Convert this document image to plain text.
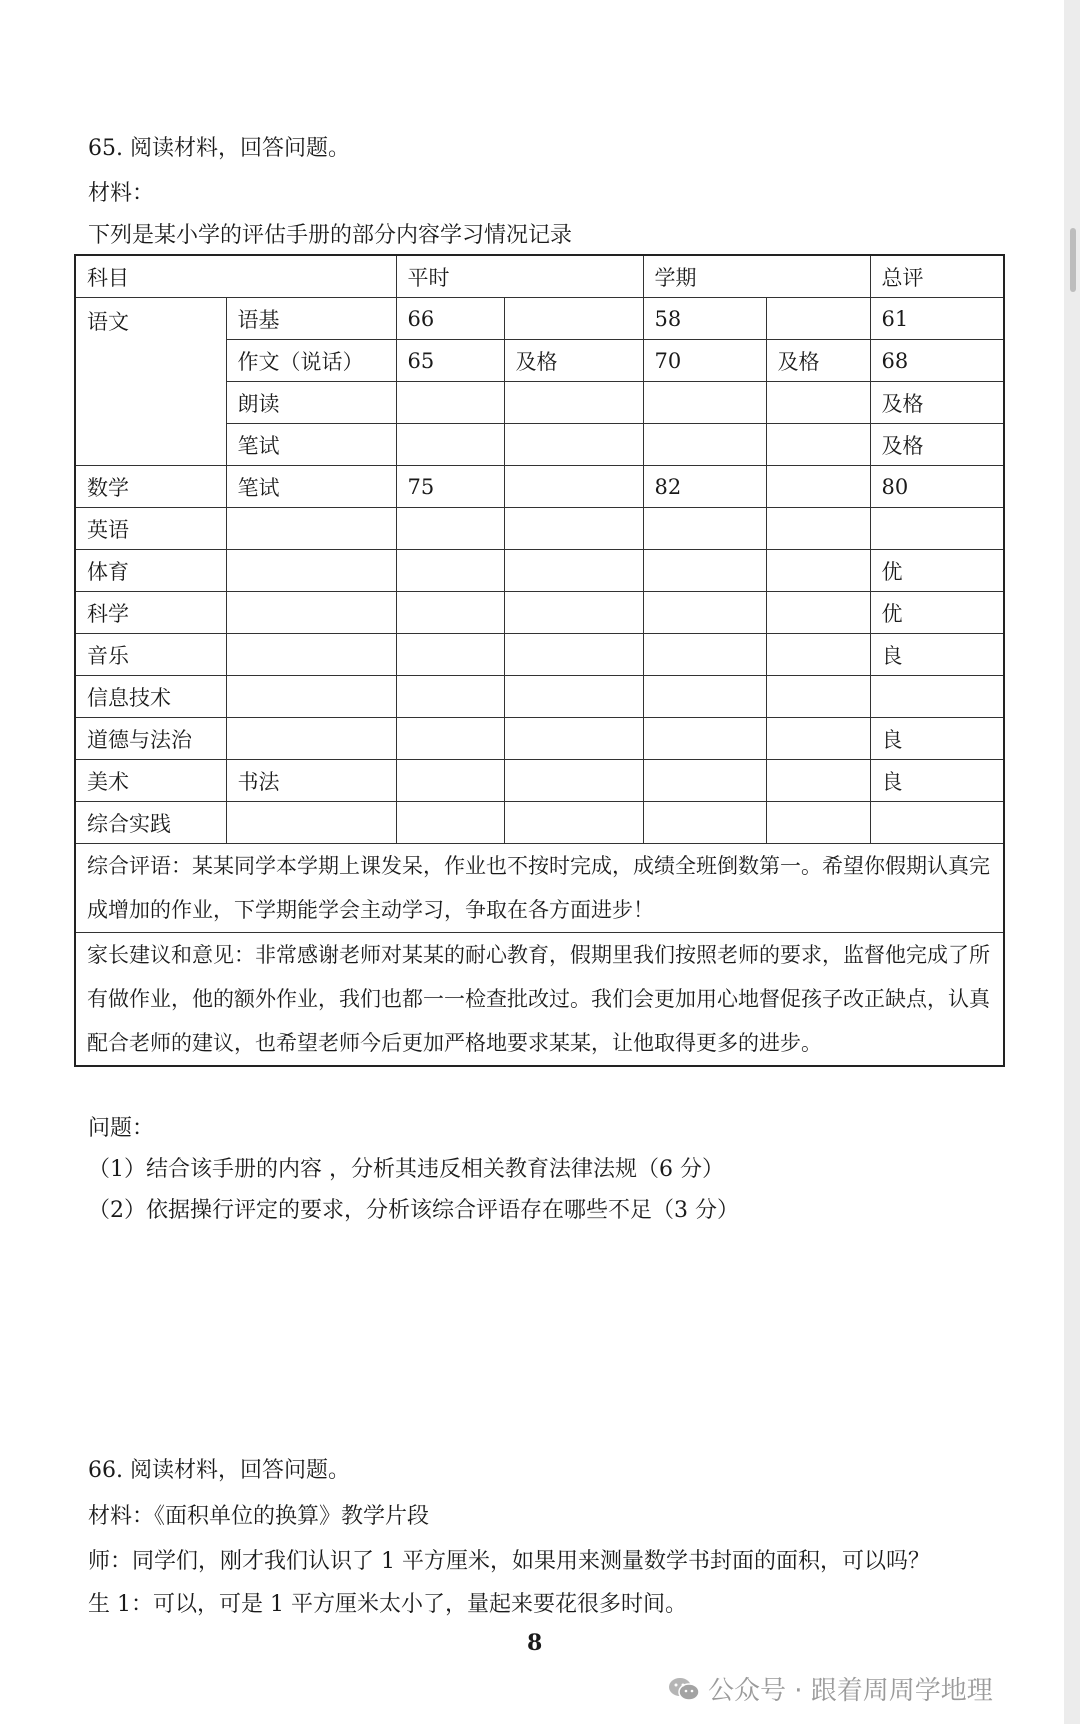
65. 阅读材料，回答问题。
材料：
下列是某小学的评估手册的部分内容学习情况记录
科目		平时		学期		总评
语文	语基	66		58		61
	作文（说话）	65	及格	70	及格	68
	朗读					及格
	笔试					及格
数学	笔试	75		82		80
英语						
体育						优
科学						优
音乐						良
信息技术						
道德与法治						良
美术	书法					良
综合实践						
综合评语：某某同学本学期上课发呆，作业也不按时完成，成绩全班倒数第一。希望你假期认真完成增加的作业，下学期能学会主动学习，争取在各方面进步！						
家长建议和意见：非常感谢老师对某某的耐心教育，假期里我们按照老师的要求，监督他完成了所有做作业，他的额外作业，我们也都一一检查批改过。我们会更加用心地督促孩子改正缺点，认真配合老师的建议，也希望老师今后更加严格地要求某某，让他取得更多的进步。						
问题：
（1）结合该手册的内容 ，分析其违反相关教育法律法规（6 分）
（2）依据操行评定的要求，分析该综合评语存在哪些不足（3 分）
66. 阅读材料，回答问题。
材料：《面积单位的换算》教学片段
师：同学们，刚才我们认识了 1 平方厘米，如果用来测量数学书封面的面积，可以吗？
生 1：可以，可是 1 平方厘米太小了，量起来要花很多时间。
8
公众号 · 跟着周周学地理
